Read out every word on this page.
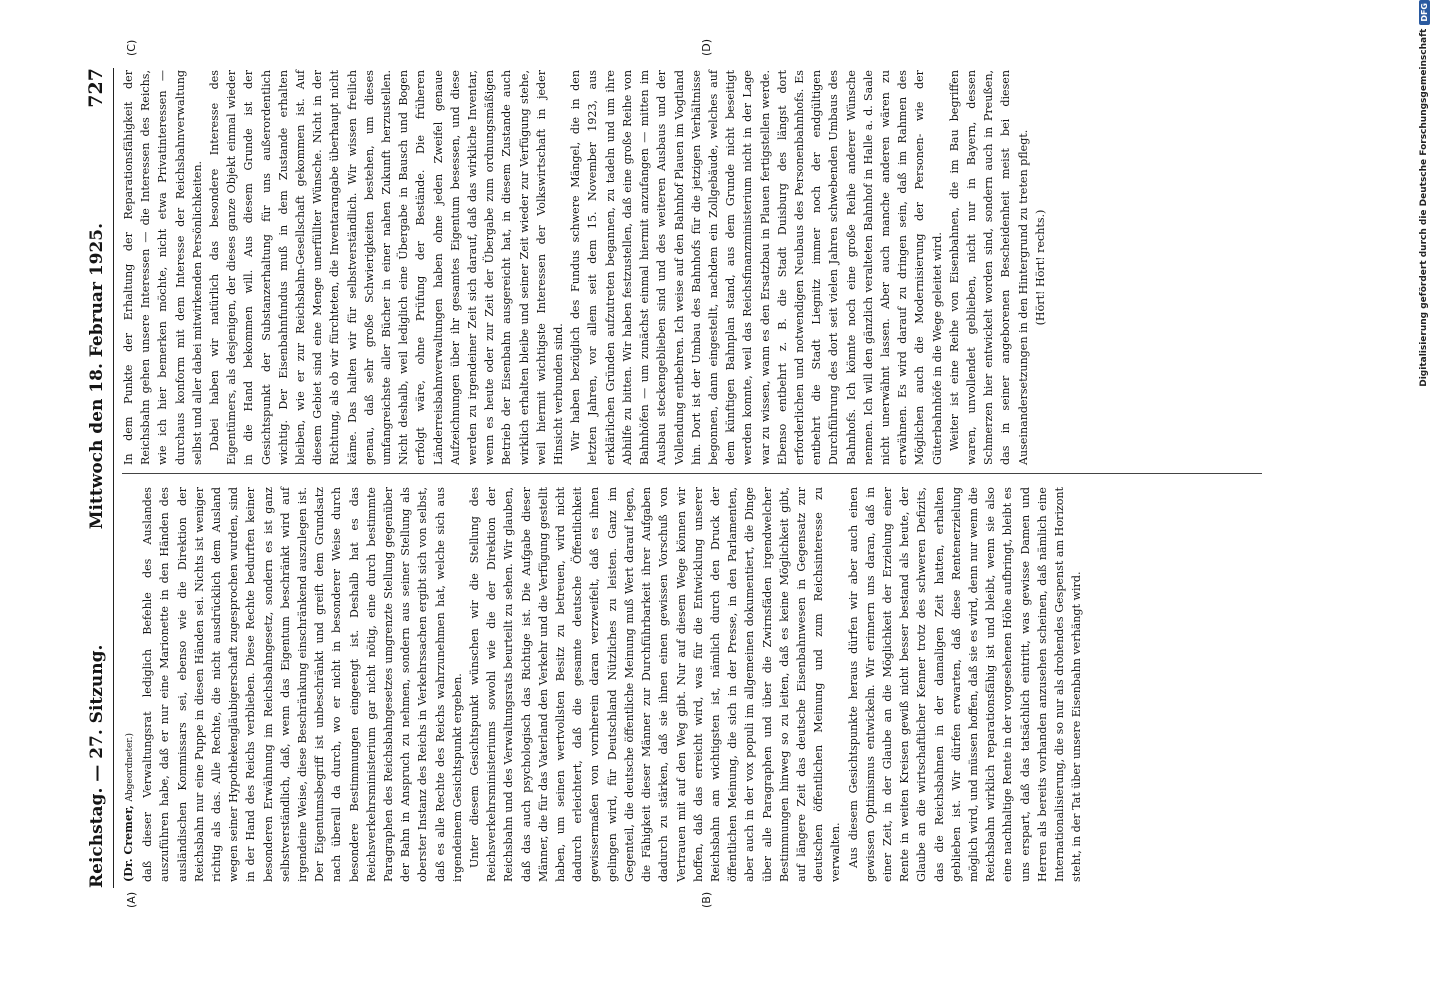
Reichstag. — 27. Sitzung.
Mittwoch den 18. Februar 1925.
727
(A)	(B)
(C)	(D)
(Dr. Cremer, Abgeordneter.) daß dieser Verwaltungsrat lediglich Befehle des Auslandes auszuführen habe, daß er nur eine Marionette in den Händen des ausländischen Kommissars sei, ebenso wie die Direktion der Reichsbahn nur eine Puppe in diesen Händen sei. Nichts ist weniger richtig als das. Alle Rechte, die nicht ausdrücklich dem Ausland wegen seiner Hypothekengläubigerschaft zugesprochen wurden, sind in der Hand des Reichs verblieben. Diese Rechte bedurften keiner besonderen Erwähnung im Reichsbahngesetz, sondern es ist ganz selbstverständlich, daß, wenn das Eigentum beschränkt wird auf irgendeine Weise, diese Beschränkung einschränkend auszulegen ist. Der Eigentumsbegriff ist unbeschränkt und greift dem Grundsatz nach überall da durch, wo er nicht in besonderer Weise durch besondere Bestimmungen eingeengt ist. Deshalb hat es das Reichsverkehrsministerium gar nicht nötig, eine durch bestimmte Paragraphen des Reichsbahngesetzes umgrenzte Stellung gegenüber der Bahn in Anspruch zu nehmen, sondern aus seiner Stellung als oberster Instanz des Reichs in Verkehrssachen ergibt sich von selbst, daß es alle Rechte des Reichs wahrzunehmen hat, welche sich aus irgendeinem Gesichtspunkt ergeben. Unter diesem Gesichtspunkt wünschen wir die Stellung des Reichsverkehrsministeriums sowohl wie die der Direktion der Reichsbahn und des Verwaltungsrats beurteilt zu sehen. Wir glauben, daß das auch psychologisch das Richtige ist. Die Aufgabe dieser Männer, die für das Vaterland den Verkehr und die Verfügung gestellt haben, um seinen wertvollsten Besitz zu betreuen, wird nicht dadurch erleichtert, daß die gesamte deutsche Öffentlichkeit gewissermaßen von vornherein daran verzweifelt, daß es ihnen gelingen wird, für Deutschland Nützliches zu leisten. Ganz im Gegenteil, die deutsche öffentliche Meinung muß Wert darauf legen, die Fähigkeit dieser Männer zur Durchführbarkeit ihrer Aufgaben dadurch zu stärken, daß sie ihnen einen gewissen Vorschuß von Vertrauen mit auf den Weg gibt. Nur auf diesem Wege können wir hoffen, daß das erreicht wird, was für die Entwicklung unserer Reichsbahn am wichtigsten ist, nämlich durch den Druck der öffentlichen Meinung, die sich in der Presse, in den Parlamenten, aber auch in der vox populi im allgemeinen dokumentiert, die Dinge über alle Paragraphen und über die Zwirnsfäden irgendwelcher Bestimmungen hinweg so zu leiten, daß es keine Möglichkeit gibt, auf längere Zeit das deutsche Eisenbahnwesen in Gegensatz zur deutschen öffentlichen Meinung und zum Reichsinteresse zu verwalten. Aus diesem Gesichtspunkte heraus dürfen wir aber auch einen gewissen Optimismus entwickeln. Wir erinnern uns daran, daß in einer Zeit, in der Glaube an die Möglichkeit der Erzielung einer Rente in weiten Kreisen gewiß nicht besser bestand als heute, der Glaube an die wirtschaftlicher Kenner trotz des schweren Defizits, das die Reichsbahnen in der damaligen Zeit hatten, erhalten geblieben ist. Wir dürfen erwarten, daß diese Rentenerzielung möglich wird, und müssen hoffen, daß sie es wird, denn nur wenn die Reichsbahn wirklich reparationsfähig ist und bleibt, wenn sie also eine nachhaltige Rente in der vorgesehenen Höhe aufbringt, bleibt es uns erspart, daß das tatsächlich eintritt, was gewisse Damen und Herren als bereits vorhanden anzusehen scheinen, daß nämlich eine Internationalisierung, die so nur als drohendes Gespenst am Horizont steht, in der Tat über unsere Eisenbahn verhängt wird.

In dem Punkte der Erhaltung der Reparationsfähigkeit der Reichsbahn gehen unsere Interessen — die Interessen des Reichs, wie ich hier bemerken möchte, nicht etwa Privatinteressen — durchaus konform mit dem Interesse der Reichsbahnverwaltung selbst und aller dabei mitwirkenden Persönlichkeiten. Dabei haben wir natürlich das besondere Interesse des Eigentümers, als desjenigen, der dieses ganze Objekt einmal wieder in die Hand bekommen will. Aus diesem Grunde ist der Gesichtspunkt der Substanzerhaltung für uns außerordentlich wichtig. Der Eisenbahnfundus muß in dem Zustande erhalten bleiben, wie er zur Reichsbahn-Gesellschaft gekommen ist. Auf diesem Gebiet sind eine Menge unerfüllter Wünsche. Nicht in der Richtung, als ob wir fürchteten, die Inventarangabe überhaupt nicht käme. Das halten wir für selbstverständlich. Wir wissen freilich genau, daß sehr große Schwierigkeiten bestehen, um dieses umfangreichste aller Bücher in einer nahen Zukunft herzustellen. Nicht deshalb, weil lediglich eine Übergabe in Bausch und Bogen erfolgt wäre, ohne Prüfung der Bestände. Die früheren Länderreisbahnverwaltungen haben ohne jeden Zweifel genaue Aufzeichnungen über ihr gesamtes Eigentum besessen, und diese werden zu irgendeiner Zeit sich darauf, daß das wirkliche Inventar, wenn es heute oder zur Zeit der Übergabe zum ordnungsmäßigen Betrieb der Eisenbahn ausgereicht hat, in diesem Zustande auch wirklich erhalten bleibe und seiner Zeit wieder zur Verfügung stehe, weil hiermit wichtigste Interessen der Volkswirtschaft in jeder Hinsicht verbunden sind. Wir haben bezüglich des Fundus schwere Mängel, die in den letzten Jahren, vor allem seit dem 15. November 1923, aus erklärlichen Gründen aufzutreten begannen, zu tadeln und um ihre Abhilfe zu bitten. Wir haben festzustellen, daß eine große Reihe von Bahnhöfen — um zunächst einmal hiermit anzufangen — mitten im Ausbau steckengeblieben sind und des weiteren Ausbaus und der Vollendung entbehren. Ich weise auf den Bahnhof Plauen im Vogtland hin. Dort ist der Umbau des Bahnhofs für die jetzigen Verhältnisse begonnen, dann eingestellt, nachdem ein Zollgebäude, welches auf dem künftigen Bahnplan stand, aus dem Grunde nicht beseitigt werden konnte, weil das Reichsfinanzministerium nicht in der Lage war zu wissen, wann es den Ersatzbau in Plauen fertigstellen werde. Ebenso entbehrt z. B. die Stadt Duisburg des längst dort erforderlichen und notwendigen Neubaus des Personenbahnhofs. Es entbehrt die Stadt Liegnitz immer noch der endgültigen Durchführung des dort seit vielen Jahren schwebenden Umbaus des Bahnhofs. Ich könnte noch eine große Reihe anderer Wünsche nennen. Ich will den gänzlich veralteten Bahnhof in Halle a. d. Saale nicht unerwähnt lassen. Aber auch manche anderen wären zu erwähnen. Es wird darauf zu dringen sein, daß im Rahmen des Möglichen auch die Modernisierung der Personen- wie der Güterbahnhöfe in die Wege geleitet wird. Weiter ist eine Reihe von Eisenbahnen, die im Bau begriffen waren, unvollendet geblieben, nicht nur in Bayern, dessen Schmerzen hier entwickelt worden sind, sondern auch in Preußen, das in seiner angeborenen Bescheidenheit meist bei diesen Auseinandersetzungen in den Hintergrund zu treten pflegt. (Hört! Hört! rechts.)	Digitalisierung gefördert durch die Deutsche Forschungsgemeinschaft
DFG
